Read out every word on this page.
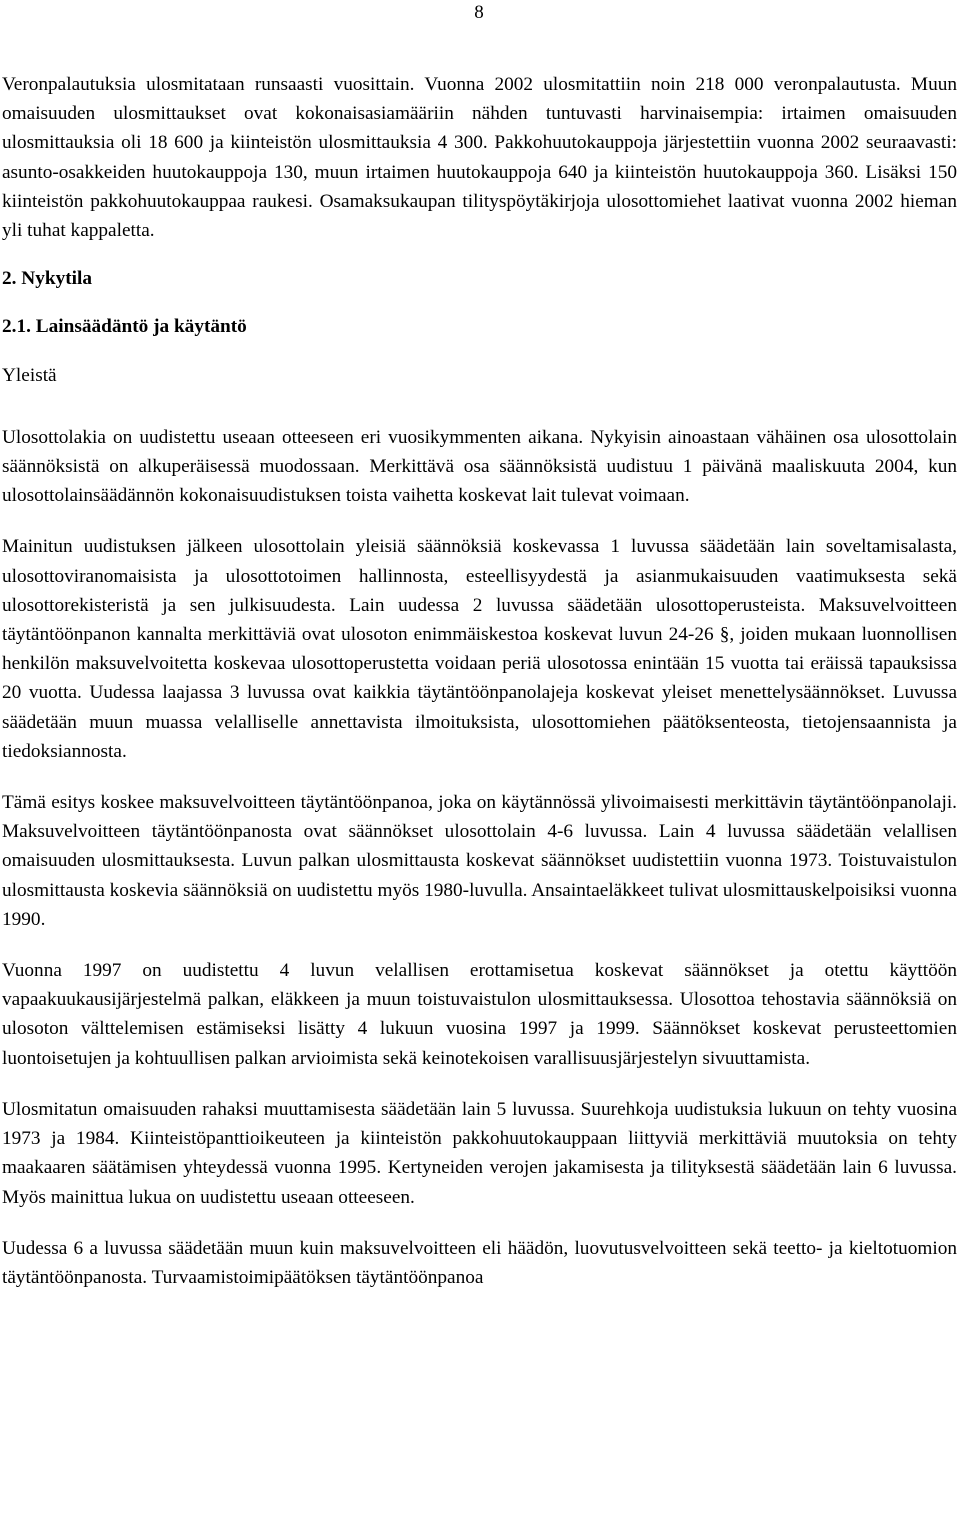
8

Veronpalautuksia ulosmitataan runsaasti vuosittain. Vuonna 2002 ulosmitattiin noin 218 000 veronpalautusta. Muun omaisuuden ulosmittaukset ovat kokonaisasiamääriin nähden tuntuvasti harvinaisempia: irtaimen omaisuuden ulosmittauksia oli 18 600 ja kiinteistön ulosmittauksia 4 300. Pakkohuutokauppoja järjestettiin vuonna 2002 seuraavasti: asunto-osakkeiden huutokauppoja 130, muun irtaimen huutokauppoja 640 ja kiinteistön huutokauppoja 360. Lisäksi 150 kiinteistön pakkohuutokauppaa raukesi. Osamaksukaupan tilityspöytäkirjoja ulosottomiehet laativat vuonna 2002 hieman yli tuhat kappaletta.

2. Nykytila

2.1. Lainsäädäntö ja käytäntö

Yleistä

Ulosottolakia on uudistettu useaan otteeseen eri vuosikymmenten aikana. Nykyisin ainoastaan vähäinen osa ulosottolain säännöksistä on alkuperäisessä muodossaan. Merkittävä osa säännöksistä uudistuu 1 päivänä maaliskuuta 2004, kun ulosottolainsäädännön kokonaisuudistuksen toista vaihetta koskevat lait tulevat voimaan.

Mainitun uudistuksen jälkeen ulosottolain yleisiä säännöksiä koskevassa 1 luvussa säädetään lain soveltamisalasta, ulosottoviranomaisista ja ulosottotoimen hallinnosta, esteellisyydestä ja asianmukaisuuden vaatimuksesta sekä ulosottorekisteristä ja sen julkisuudesta. Lain uudessa 2 luvussa säädetään ulosottoperusteista. Maksuvelvoitteen täytäntöönpanon kannalta merkittäviä ovat ulosoton enimmäiskestoa koskevat luvun 24-26 §, joiden mukaan luonnollisen henkilön maksuvelvoitetta koskevaa ulosottoperustetta voidaan periä ulosotossa enintään 15 vuotta tai eräissä tapauksissa 20 vuotta. Uudessa laajassa 3 luvussa ovat kaikkia täytäntöönpanolajeja koskevat yleiset menettelysäännökset. Luvussa säädetään muun muassa velalliselle annettavista ilmoituksista, ulosottomiehen päätöksenteosta, tietojensaannista ja tiedoksiannosta.

Tämä esitys koskee maksuvelvoitteen täytäntöönpanoa, joka on käytännössä ylivoimaisesti merkittävin täytäntöönpanolaji. Maksuvelvoitteen täytäntöönpanosta ovat säännökset ulosottolain 4-6 luvussa. Lain 4 luvussa säädetään velallisen omaisuuden ulosmittauksesta. Luvun palkan ulosmittausta koskevat säännökset uudistettiin vuonna 1973. Toistuvaistulon ulosmittausta koskevia säännöksiä on uudistettu myös 1980-luvulla. Ansaintaeläkkeet tulivat ulosmittauskelpoisiksi vuonna 1990.

Vuonna 1997 on uudistettu 4 luvun velallisen erottamisetua koskevat säännökset ja otettu käyttöön vapaakuukausijärjestelmä palkan, eläkkeen ja muun toistuvaistulon ulosmittauksessa. Ulosottoa tehostavia säännöksiä on ulosoton välttelemisen estämiseksi lisätty 4 lukuun vuosina 1997 ja 1999. Säännökset koskevat perusteettomien luontoisetujen ja kohtuullisen palkan arvioimista sekä keinotekoisen varallisuusjärjestelyn sivuuttamista.

Ulosmitatun omaisuuden rahaksi muuttamisesta säädetään lain 5 luvussa. Suurehkoja uudistuksia lukuun on tehty vuosina 1973 ja 1984. Kiinteistöpanttioikeuteen ja kiinteistön pakkohuutokauppaan liittyviä merkittäviä muutoksia on tehty maakaaren säätämisen yhteydessä vuonna 1995. Kertyneiden verojen jakamisesta ja tilityksestä säädetään lain 6 luvussa. Myös mainittua lukua on uudistettu useaan otteeseen.

Uudessa 6 a luvussa säädetään muun kuin maksuvelvoitteen eli häädön, luovutusvelvoitteen sekä teetto- ja kieltotuomion täytäntöönpanosta. Turvaamistoimipäätöksen täytäntöönpanoa
